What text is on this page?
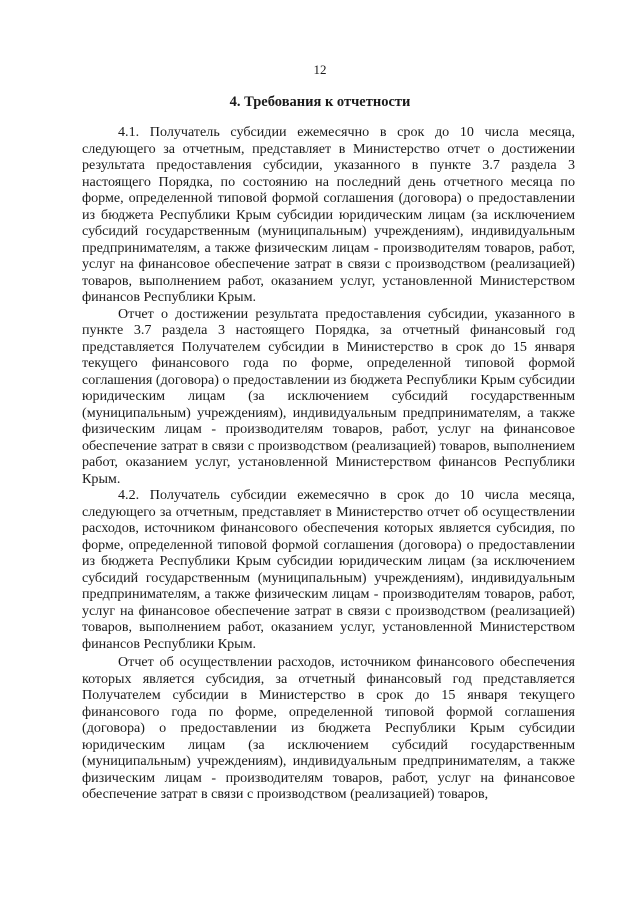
12
4. Требования к отчетности

4.1. Получатель субсидии ежемесячно в срок до 10 числа месяца, следующего за отчетным, представляет в Министерство отчет о достижении результата предоставления субсидии, указанного в пункте 3.7 раздела 3 настоящего Порядка, по состоянию на последний день отчетного месяца по форме, определенной типовой формой соглашения (договора) о предоставлении из бюджета Республики Крым субсидии юридическим лицам (за исключением субсидий государственным (муниципальным) учреждениям), индивидуальным предпринимателям, а также физическим лицам - производителям товаров, работ, услуг на финансовое обеспечение затрат в связи с производством (реализацией) товаров, выполнением работ, оказанием услуг, установленной Министерством финансов Республики Крым.

Отчет о достижении результата предоставления субсидии, указанного в пункте 3.7 раздела 3 настоящего Порядка, за отчетный финансовый год представляется Получателем субсидии в Министерство в срок до 15 января текущего финансового года по форме, определенной типовой формой соглашения (договора) о предоставлении из бюджета Республики Крым субсидии юридическим лицам (за исключением субсидий государственным (муниципальным) учреждениям), индивидуальным предпринимателям, а также физическим лицам - производителям товаров, работ, услуг на финансовое обеспечение затрат в связи с производством (реализацией) товаров, выполнением работ, оказанием услуг, установленной Министерством финансов Республики Крым.

4.2. Получатель субсидии ежемесячно в срок до 10 числа месяца, следующего за отчетным, представляет в Министерство отчет об осуществлении расходов, источником финансового обеспечения которых является субсидия, по форме, определенной типовой формой соглашения (договора) о предоставлении из бюджета Республики Крым субсидии юридическим лицам (за исключением субсидий государственным (муниципальным) учреждениям), индивидуальным предпринимателям, а также физическим лицам - производителям товаров, работ, услуг на финансовое обеспечение затрат в связи с производством (реализацией) товаров, выполнением работ, оказанием услуг, установленной Министерством финансов Республики Крым.

Отчет об осуществлении расходов, источником финансового обеспечения которых является субсидия, за отчетный финансовый год представляется Получателем субсидии в Министерство в срок до 15 января текущего финансового года по форме, определенной типовой формой соглашения (договора) о предоставлении из бюджета Республики Крым субсидии юридическим лицам (за исключением субсидий государственным (муниципальным) учреждениям), индивидуальным предпринимателям, а также физическим лицам - производителям товаров, работ, услуг на финансовое обеспечение затрат в связи с производством (реализацией) товаров,
